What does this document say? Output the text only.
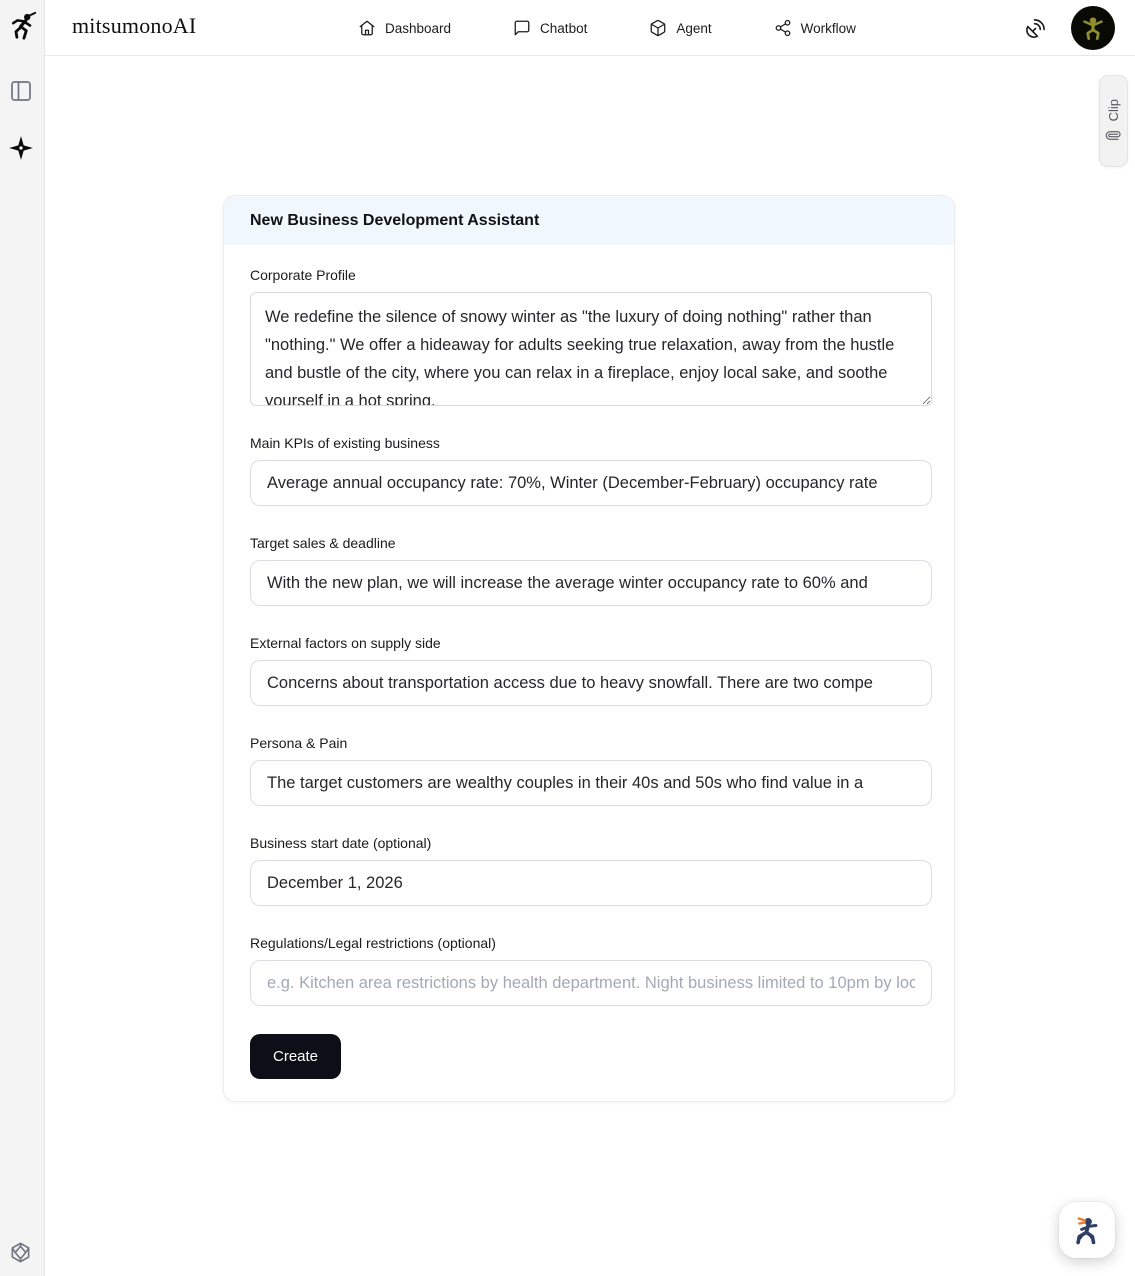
mitsumonoAI	Dashboard	Chatbot	Agent	Workflow
Clip
New Business Development Assistant
Corporate Profile
We redefine the silence of snowy winter as "the luxury of doing nothing" rather than "nothing." We offer a hideaway for adults seeking true relaxation, away from the hustle and bustle of the city, where you can relax in a fireplace, enjoy local sake, and soothe yourself in a hot spring.
Main KPIs of existing business
Average annual occupancy rate: 70%, Winter (December-February) occupancy rate
Target sales & deadline
With the new plan, we will increase the average winter occupancy rate to 60% and
External factors on supply side
Concerns about transportation access due to heavy snowfall. There are two compe
Persona & Pain
The target customers are wealthy couples in their 40s and 50s who find value in a
Business start date (optional)
December 1, 2026
Regulations/Legal restrictions (optional)
e.g. Kitchen area restrictions by health department. Night business limited to 10pm by local
Create
